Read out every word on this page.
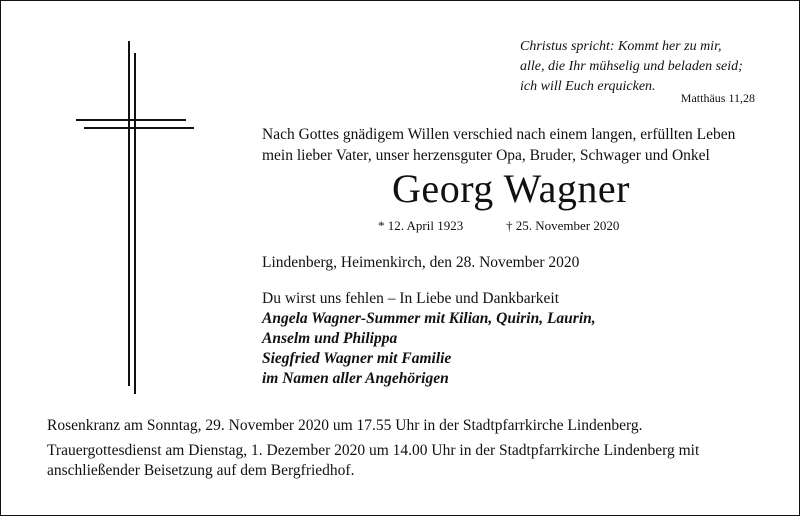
Christus spricht: Kommt her zu mir,
alle, die Ihr mühselig und beladen seid;
ich will Euch erquicken.
Matthäus 11,28
Nach Gottes gnädigem Willen verschied nach einem langen, erfüllten Leben
mein lieber Vater, unser herzensguter Opa, Bruder, Schwager und Onkel
Georg Wagner
* 12. April 1923	† 25. November 2020
Lindenberg, Heimenkirch, den 28. November 2020
Du wirst uns fehlen – In Liebe und Dankbarkeit
Angela Wagner-Summer mit Kilian, Quirin, Laurin,
Anselm und Philippa
Siegfried Wagner mit Familie
im Namen aller Angehörigen
Rosenkranz am Sonntag, 29. November 2020 um 17.55 Uhr in der Stadtpfarrkirche Lindenberg.
Trauergottesdienst am Dienstag, 1. Dezember 2020 um 14.00 Uhr in der Stadtpfarrkirche Lindenberg mit anschließender Beisetzung auf dem Bergfriedhof.
